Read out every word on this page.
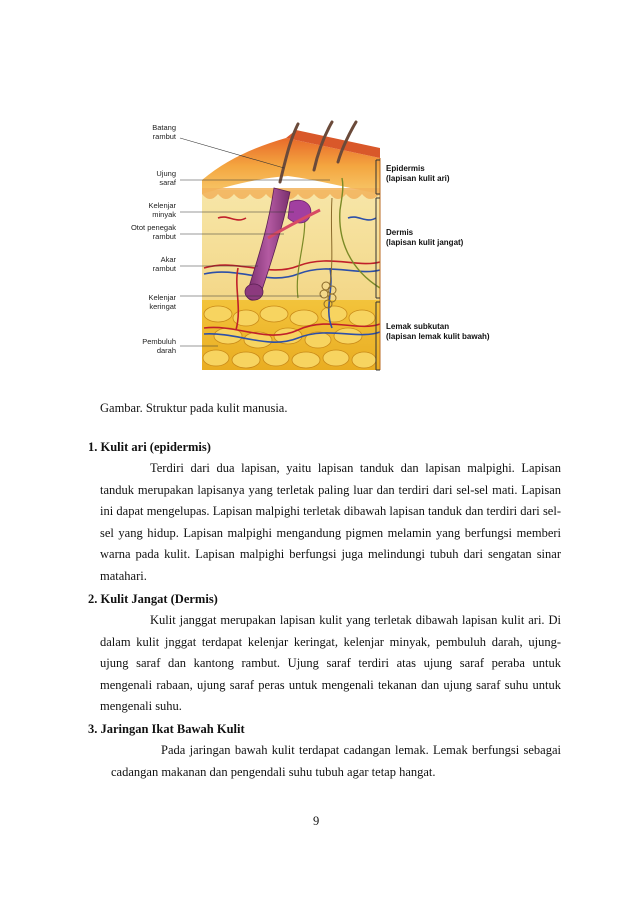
Batang
rambut
Ujung
saraf
Kelenjar
minyak
Otot penegak
rambut
Akar
rambut
Kelenjar
keringat
Pembuluh
darah
Epidermis
(lapisan kulit ari)
Dermis
(lapisan kulit jangat)
Lemak subkutan
(lapisan lemak kulit bawah)
Gambar. Struktur pada kulit manusia.
1. Kulit ari (epidermis)

Terdiri dari dua lapisan, yaitu lapisan tanduk dan lapisan malpighi. Lapisan tanduk merupakan lapisanya yang terletak paling luar dan terdiri dari sel-sel mati. Lapisan ini dapat mengelupas. Lapisan malpighi terletak dibawah lapisan tanduk dan terdiri dari sel-sel yang hidup. Lapisan malpighi mengandung pigmen melamin yang berfungsi memberi warna pada kulit. Lapisan malpighi berfungsi juga melindungi tubuh dari sengatan sinar matahari.

2. Kulit Jangat (Dermis)

Kulit janggat merupakan lapisan kulit yang terletak dibawah lapisan kulit ari. Di dalam kulit jnggat terdapat kelenjar keringat, kelenjar minyak, pembuluh darah, ujung-ujung saraf dan kantong rambut. Ujung saraf terdiri atas ujung saraf peraba untuk mengenali rabaan, ujung saraf peras untuk mengenali tekanan dan ujung saraf suhu untuk mengenali suhu.

3. Jaringan Ikat Bawah Kulit

Pada jaringan bawah kulit terdapat cadangan lemak. Lemak berfungsi sebagai cadangan makanan dan pengendali suhu tubuh agar tetap hangat.

9
